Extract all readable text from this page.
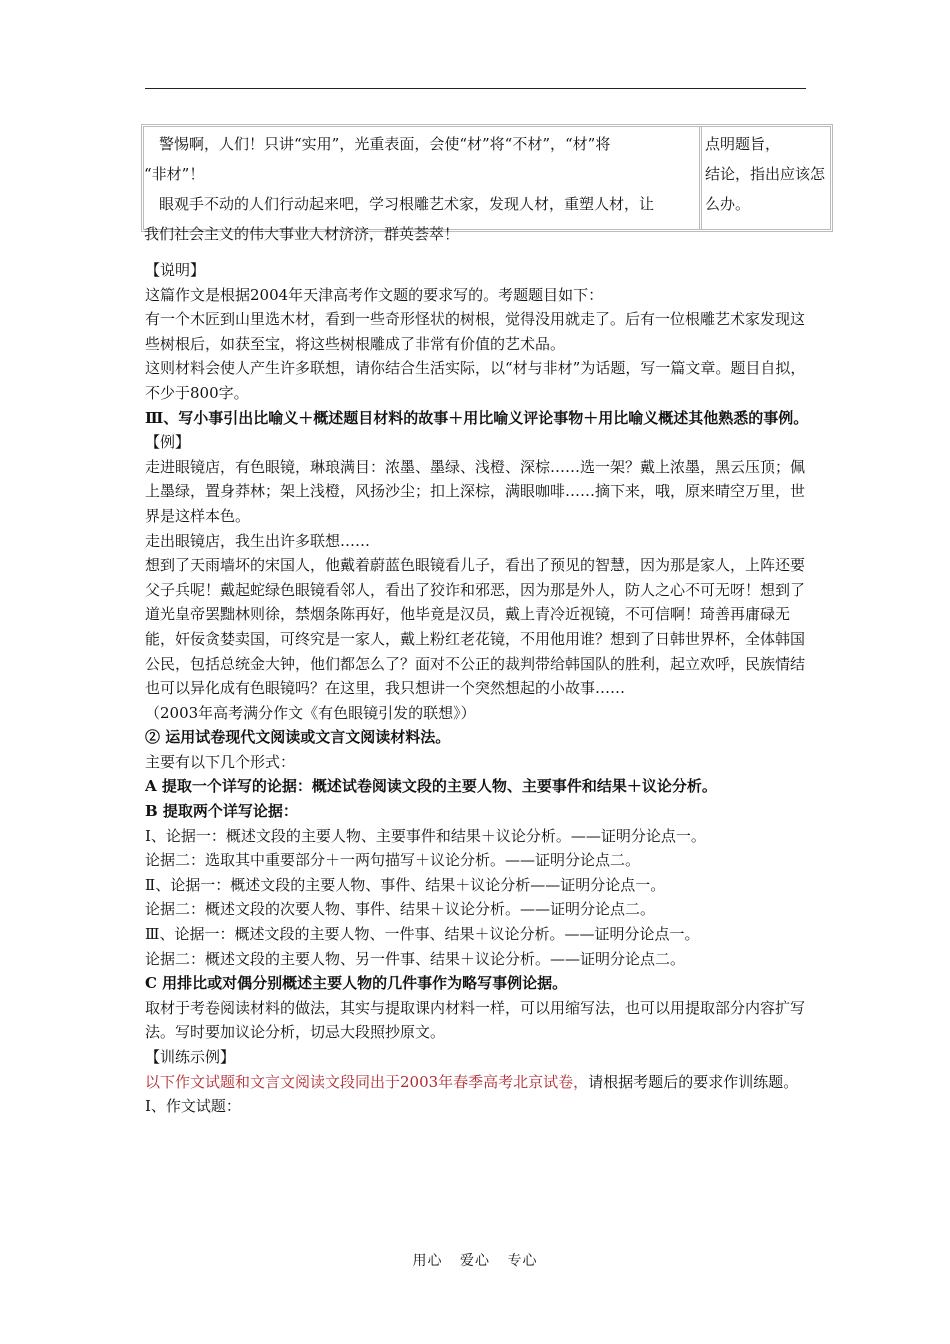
　警惕啊，人们！只讲“实用”，光重表面，会使“材”将“不材”，“材”将
“非材”！
　眼观手不动的人们行动起来吧，学习根雕艺术家，发现人材，重塑人材，让
我们社会主义的伟大事业人材济济，群英荟萃！
点明题旨，
结论，指出应该怎
么办。

【说明】

这篇作文是根据2004年天津高考作文题的要求写的。考题题目如下：

有一个木匠到山里选木材，看到一些奇形怪状的树根，觉得没用就走了。后有一位根雕艺术家发现这些树根后，如获至宝，将这些树根雕成了非常有价值的艺术品。

这则材料会使人产生许多联想，请你结合生活实际，以“材与非材”为话题，写一篇文章。题目自拟，不少于800字。

Ⅲ、写小事引出比喻义＋概述题目材料的故事＋用比喻义评论事物＋用比喻义概述其他熟悉的事例。

【例】

走进眼镜店，有色眼镜，琳琅满目：浓墨、墨绿、浅橙、深棕……选一架？戴上浓墨，黑云压顶；佩上墨绿，置身莽林；架上浅橙，风扬沙尘；扣上深棕，满眼咖啡……摘下来，哦，原来晴空万里，世界是这样本色。

走出眼镜店，我生出许多联想……

想到了天雨墙坏的宋国人，他戴着蔚蓝色眼镜看儿子，看出了预见的智慧，因为那是家人，上阵还要父子兵呢！戴起蛇绿色眼镜看邻人，看出了狡诈和邪恶，因为那是外人，防人之心不可无呀！想到了道光皇帝罢黜林则徐，禁烟条陈再好，他毕竟是汉员，戴上青冷近视镜，不可信啊！琦善再庸碌无能，奸佞贪婪卖国，可终究是一家人，戴上粉红老花镜，不用他用谁？想到了日韩世界杯，全体韩国公民，包括总统金大钟，他们都怎么了？面对不公正的裁判带给韩国队的胜利，起立欢呼，民族情结也可以异化成有色眼镜吗？在这里，我只想讲一个突然想起的小故事……

（2003年高考满分作文《有色眼镜引发的联想》）

② 运用试卷现代文阅读或文言文阅读材料法。

主要有以下几个形式：

A 提取一个详写的论据：概述试卷阅读文段的主要人物、主要事件和结果＋议论分析。

B 提取两个详写论据：

Ⅰ、论据一：概述文段的主要人物、主要事件和结果＋议论分析。——证明分论点一。

论据二：选取其中重要部分＋一两句描写＋议论分析。——证明分论点二。

Ⅱ、论据一：概述文段的主要人物、事件、结果＋议论分析——证明分论点一。

论据二：概述文段的次要人物、事件、结果＋议论分析。——证明分论点二。

Ⅲ、论据一：概述文段的主要人物、一件事、结果＋议论分析。——证明分论点一。

论据二：概述文段的主要人物、另一件事、结果＋议论分析。——证明分论点二。

C 用排比或对偶分别概述主要人物的几件事作为略写事例论据。

取材于考卷阅读材料的做法，其实与提取课内材料一样，可以用缩写法，也可以用提取部分内容扩写法。写时要加议论分析，切忌大段照抄原文。

【训练示例】

以下作文试题和文言文阅读文段同出于2003年春季高考北京试卷，请根据考题后的要求作训练题。

Ⅰ、作文试题：

用心 爱心 专心
